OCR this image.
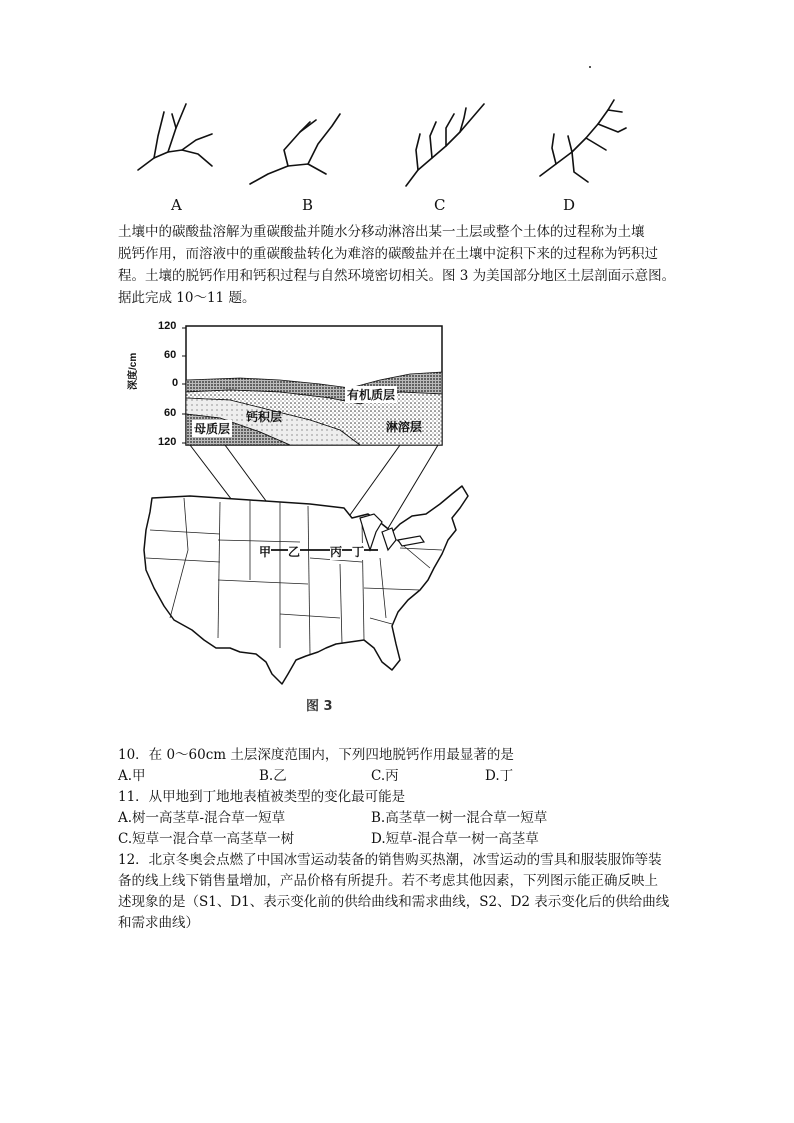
A	B	C	D
土壤中的碳酸盐溶解为重碳酸盐并随水分移动淋溶出某一土层或整个土体的过程称为土壤
脱钙作用，而溶液中的重碳酸盐转化为难溶的碳酸盐并在土壤中淀积下来的过程称为钙积过
程。土壤的脱钙作用和钙积过程与自然环境密切相关。图 3 为美国部分地区土层剖面示意图。
据此完成 10～11 题。
图 3
120
60
0
60
120
深度/cm
有机质层
钙积层
母质层	淋溶层
甲 乙 丙 丁
10．在 0～60cm 土层深度范围内，下列四地脱钙作用最显著的是
A.甲	B.乙	C.丙	D.丁
11．从甲地到丁地地表植被类型的变化最可能是
A.树一高茎草-混合草一短草	B.高茎草一树一混合草一短草
C.短草一混合草一高茎草一树	D.短草-混合草一树一高茎草
12．北京冬奥会点燃了中国冰雪运动装备的销售购买热潮，冰雪运动的雪具和服装服饰等装
备的线上线下销售量增加，产品价格有所提升。若不考虑其他因素，下列图示能正确反映上
述现象的是（S1、D1、表示变化前的供给曲线和需求曲线，S2、D2 表示变化后的供给曲线
和需求曲线）
